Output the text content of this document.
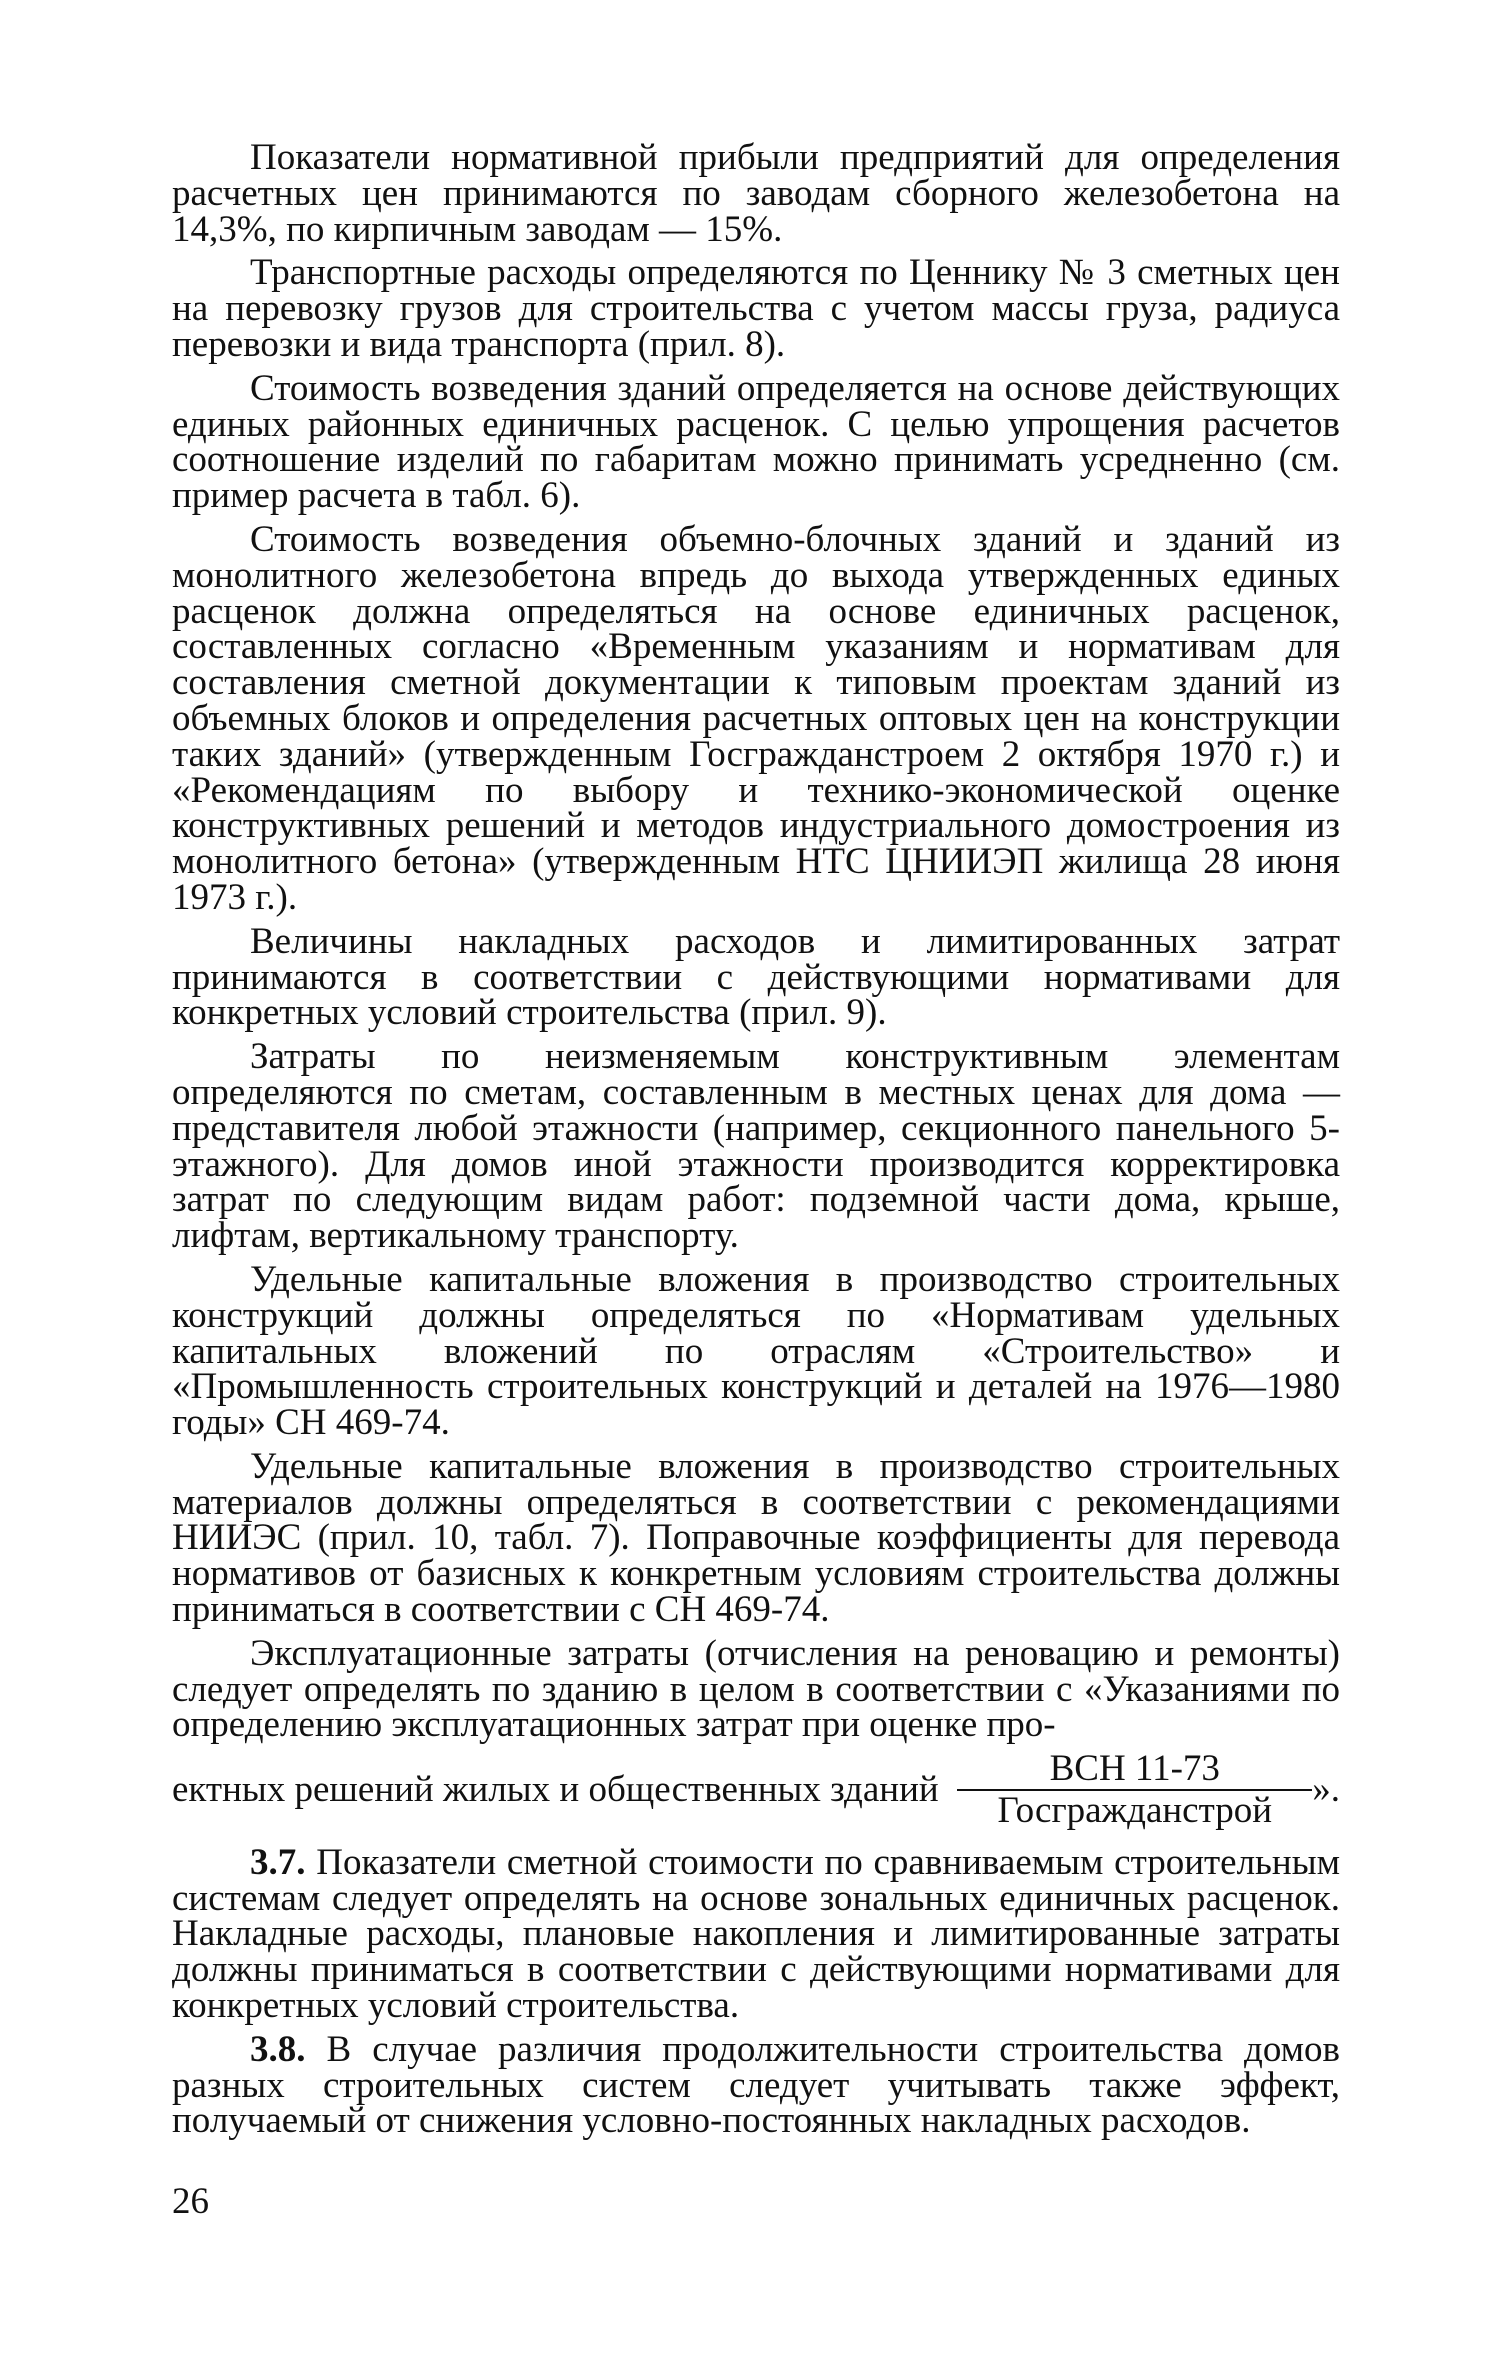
Показатели нормативной прибыли предприятий для определения расчетных цен принимаются по заводам сборного железобетона на 14,3%, по кирпичным заводам — 15%.

Транспортные расходы определяются по Ценнику № 3 сметных цен на перевозку грузов для строительства с учетом массы груза, радиуса перевозки и вида транспорта (прил. 8).

Стоимость возведения зданий определяется на основе действующих единых районных единичных расценок. С целью упрощения расчетов соотношение изделий по габаритам можно принимать усредненно (см. пример расчета в табл. 6).

Стоимость возведения объемно-блочных зданий и зданий из монолитного железобетона впредь до выхода утвержденных единых расценок должна определяться на основе единичных расценок, составленных согласно «Временным указаниям и нормативам для составления сметной документации к типовым проектам зданий из объемных блоков и определения расчетных оптовых цен на конструкции таких зданий» (утвержденным Госгражданстроем 2 октября 1970 г.) и «Рекомендациям по выбору и технико-экономической оценке конструктивных решений и методов индустриального домостроения из монолитного бетона» (утвержденным НТС ЦНИИЭП жилища 28 июня 1973 г.).

Величины накладных расходов и лимитированных затрат принимаются в соответствии с действующими нормативами для конкретных условий строительства (прил. 9).

Затраты по неизменяемым конструктивным элементам определяются по сметам, составленным в местных ценах для дома — представителя любой этажности (например, секционного панельного 5-этажного). Для домов иной этажности производится корректировка затрат по следующим видам работ: подземной части дома, крыше, лифтам, вертикальному транспорту.

Удельные капитальные вложения в производство строительных конструкций должны определяться по «Нормативам удельных капитальных вложений по отраслям «Строительство» и «Промышленность строительных конструкций и деталей на 1976—1980 годы» СН 469-74.

Удельные капитальные вложения в производство строительных материалов должны определяться в соответствии с рекомендациями НИИЭС (прил. 10, табл. 7). Поправочные коэффициенты для перевода нормативов от базисных к конкретным условиям строительства должны приниматься в соответствии с СН 469-74.

Эксплуатационные затраты (отчисления на реновацию и ремонты) следует определять по зданию в целом в соответствии с «Указаниями по определению эксплуатационных затрат при оценке про-

ектных решений жилых и общественных зданий $\frac{\text{ВСН 11-73}}{\text{Госгражданстрой}}$ ».

3.7. Показатели сметной стоимости по сравниваемым строительным системам следует определять на основе зональных единичных расценок. Накладные расходы, плановые накопления и лимитированные затраты должны приниматься в соответствии с действующими нормативами для конкретных условий строительства.

3.8. В случае различия продолжительности строительства домов разных строительных систем следует учитывать также эффект, получаемый от снижения условно-постоянных накладных расходов.

26
